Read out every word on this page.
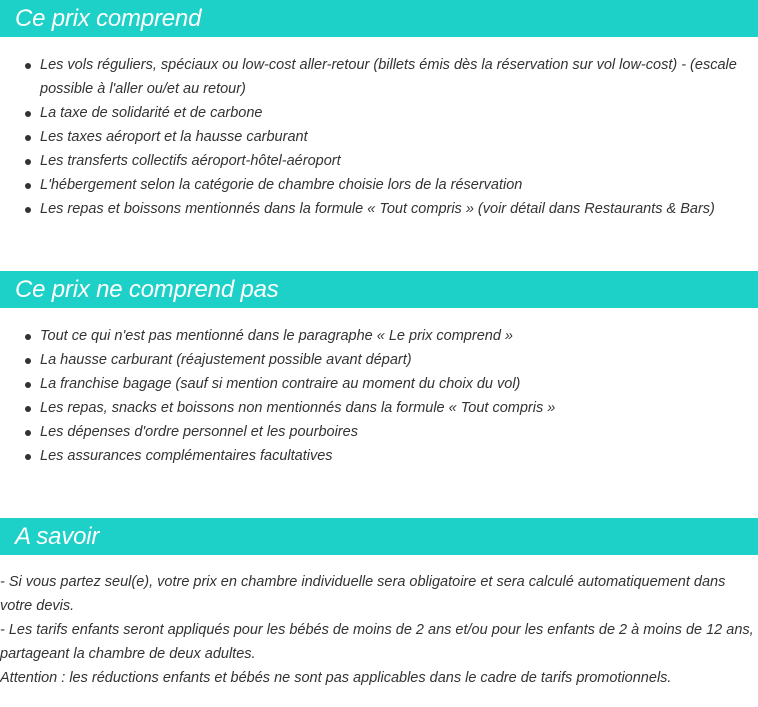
Ce prix comprend
Les vols réguliers, spéciaux ou low-cost aller-retour (billets émis dès la réservation sur vol low-cost) - (escale possible à l'aller ou/et au retour)
La taxe de solidarité et de carbone
Les taxes aéroport et la hausse carburant
Les transferts collectifs aéroport-hôtel-aéroport
L'hébergement selon la catégorie de chambre choisie lors de la réservation
Les repas et boissons mentionnés dans la formule « Tout compris » (voir détail dans Restaurants & Bars)
Ce prix ne comprend pas
Tout ce qui n'est pas mentionné dans le paragraphe « Le prix comprend »
La hausse carburant (réajustement possible avant départ)
La franchise bagage (sauf si mention contraire au moment du choix du vol)
Les repas, snacks et boissons non mentionnés dans la formule « Tout compris »
Les dépenses d'ordre personnel et les pourboires
Les assurances complémentaires facultatives
A savoir

- Si vous partez seul(e), votre prix en chambre individuelle sera obligatoire et sera calculé automatiquement dans votre devis.

- Les tarifs enfants seront appliqués pour les bébés de moins de 2 ans et/ou pour les enfants de 2 à moins de 12 ans, partageant la chambre de deux adultes.

Attention : les réductions enfants et bébés ne sont pas applicables dans le cadre de tarifs promotionnels.
